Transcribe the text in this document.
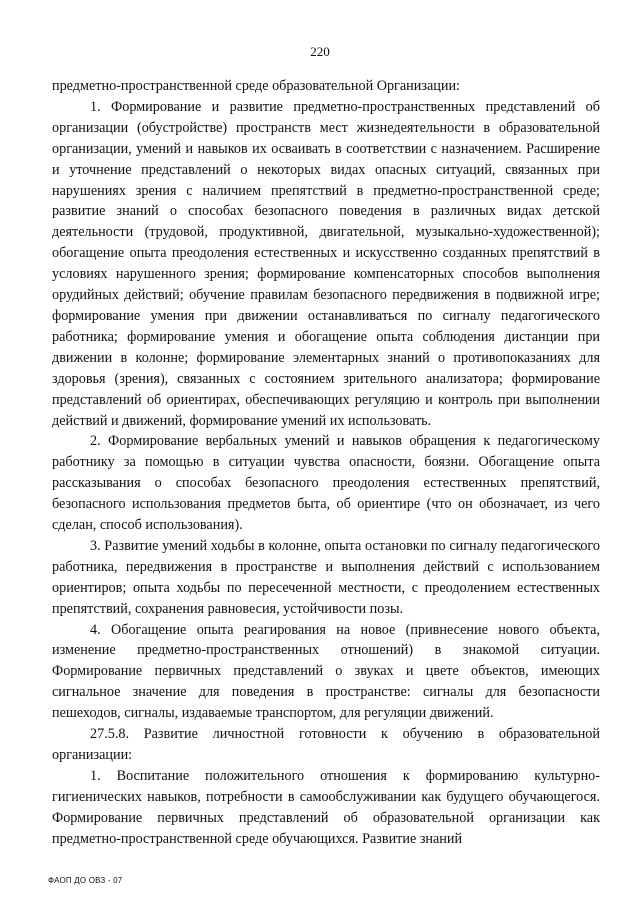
220

предметно-пространственной среде образовательной Организации:

1. Формирование и развитие предметно-пространственных представлений об организации (обустройстве) пространств мест жизнедеятельности в образовательной организации, умений и навыков их осваивать в соответствии с назначением. Расширение и уточнение представлений о некоторых видах опасных ситуаций, связанных при нарушениях зрения с наличием препятствий в предметно-пространственной среде; развитие знаний о способах безопасного поведения в различных видах детской деятельности (трудовой, продуктивной, двигательной, музыкально-художественной); обогащение опыта преодоления естественных и искусственно созданных препятствий в условиях нарушенного зрения; формирование компенсаторных способов выполнения орудийных действий; обучение правилам безопасного передвижения в подвижной игре; формирование умения при движении останавливаться по сигналу педагогического работника; формирование умения и обогащение опыта соблюдения дистанции при движении в колонне; формирование элементарных знаний о противопоказаниях для здоровья (зрения), связанных с состоянием зрительного анализатора; формирование представлений об ориентирах, обеспечивающих регуляцию и контроль при выполнении действий и движений, формирование умений их использовать.

2. Формирование вербальных умений и навыков обращения к педагогическому работнику за помощью в ситуации чувства опасности, боязни. Обогащение опыта рассказывания о способах безопасного преодоления естественных препятствий, безопасного использования предметов быта, об ориентире (что он обозначает, из чего сделан, способ использования).

3. Развитие умений ходьбы в колонне, опыта остановки по сигналу педагогического работника, передвижения в пространстве и выполнения действий с использованием ориентиров; опыта ходьбы по пересеченной местности, с преодолением естественных препятствий, сохранения равновесия, устойчивости позы.

4. Обогащение опыта реагирования на новое (привнесение нового объекта, изменение предметно-пространственных отношений) в знакомой ситуации. Формирование первичных представлений о звуках и цвете объектов, имеющих сигнальное значение для поведения в пространстве: сигналы для безопасности пешеходов, сигналы, издаваемые транспортом, для регуляции движений.

27.5.8. Развитие личностной готовности к обучению в образовательной организации:

1. Воспитание положительного отношения к формированию культурно-гигиенических навыков, потребности в самообслуживании как будущего обучающегося. Формирование первичных представлений об образовательной организации как предметно-пространственной среде обучающихся. Развитие знаний

ФАОП ДО ОВЗ - 07
